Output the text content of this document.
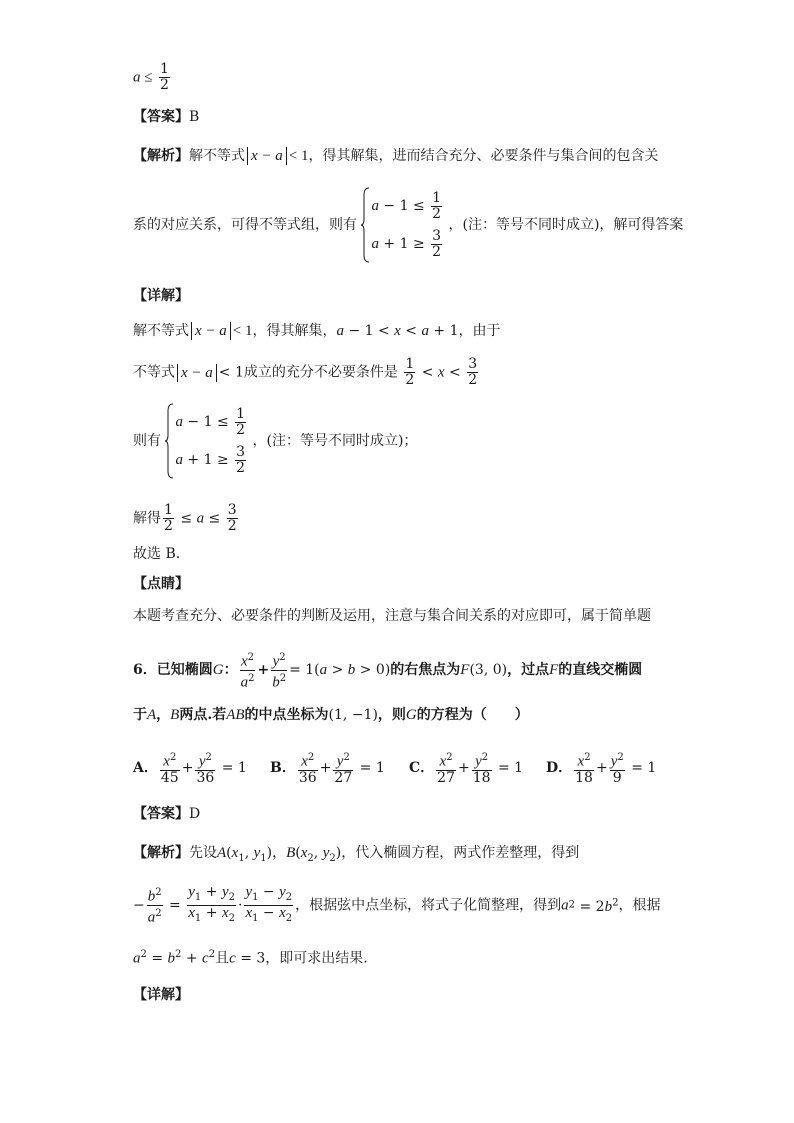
$a \le \frac{1}{2}$
【答案】B
【解析】解不等式 x − a < 1，得其解集，进而结合充分、必要条件与集合间的包含关
系的对应关系，可得不等式组，则有
$a - 1 \le \frac{1}{2}$
$a + 1 \ge \frac{3}{2}$
，(注：等号不同时成立)，解可得答案
【详解】
解不等式 x − a < 1，得其解集，a − 1 < x < a + 1，由于
不等式 x − a < 1成立的充分不必要条件是 $\frac{1}{2} < x < \frac{3}{2}$
则有
$a - 1 \le \frac{1}{2}$
$a + 1 \ge \frac{3}{2}$
，(注：等号不同时成立)；
解得 $\frac{1}{2} \le a \le \frac{3}{2}$
故选 B.
【点睛】
本题考查充分、必要条件的判断及运用，注意与集合间关系的对应即可，属于简单题
6．已知椭圆G： $\frac{x^2}{a^2} + \frac{y^2}{b^2} = 1(a > b > 0)$的右焦点为F(3, 0)，过点F的直线交椭圆
于A，B两点.若AB的中点坐标为(1, −1)，则G的方程为（　　）
A． $\frac{x^2}{45} + \frac{y^2}{36} = 1$ B． $\frac{x^2}{36} + \frac{y^2}{27} = 1$ C． $\frac{x^2}{27} + \frac{y^2}{18} = 1$ D． $\frac{x^2}{18} + \frac{y^2}{9} = 1$
【答案】D
【解析】先设$A(x_1$, $y_1$)，$B(x_2$, $y_2$)，代入椭圆方程，两式作差整理，得到
− $\frac{b^2}{a^2} = \frac{y_1 + y_2}{x_1 + x_2} \cdot \frac{y_1 - y_2}{x_1 - x_2}$ ，根据弦中点坐标，将式子化简整理，得到$a2 = 2b^2$，根据
$a^2 = b^2 + c^2$且c = 3，即可求出结果.
【详解】
